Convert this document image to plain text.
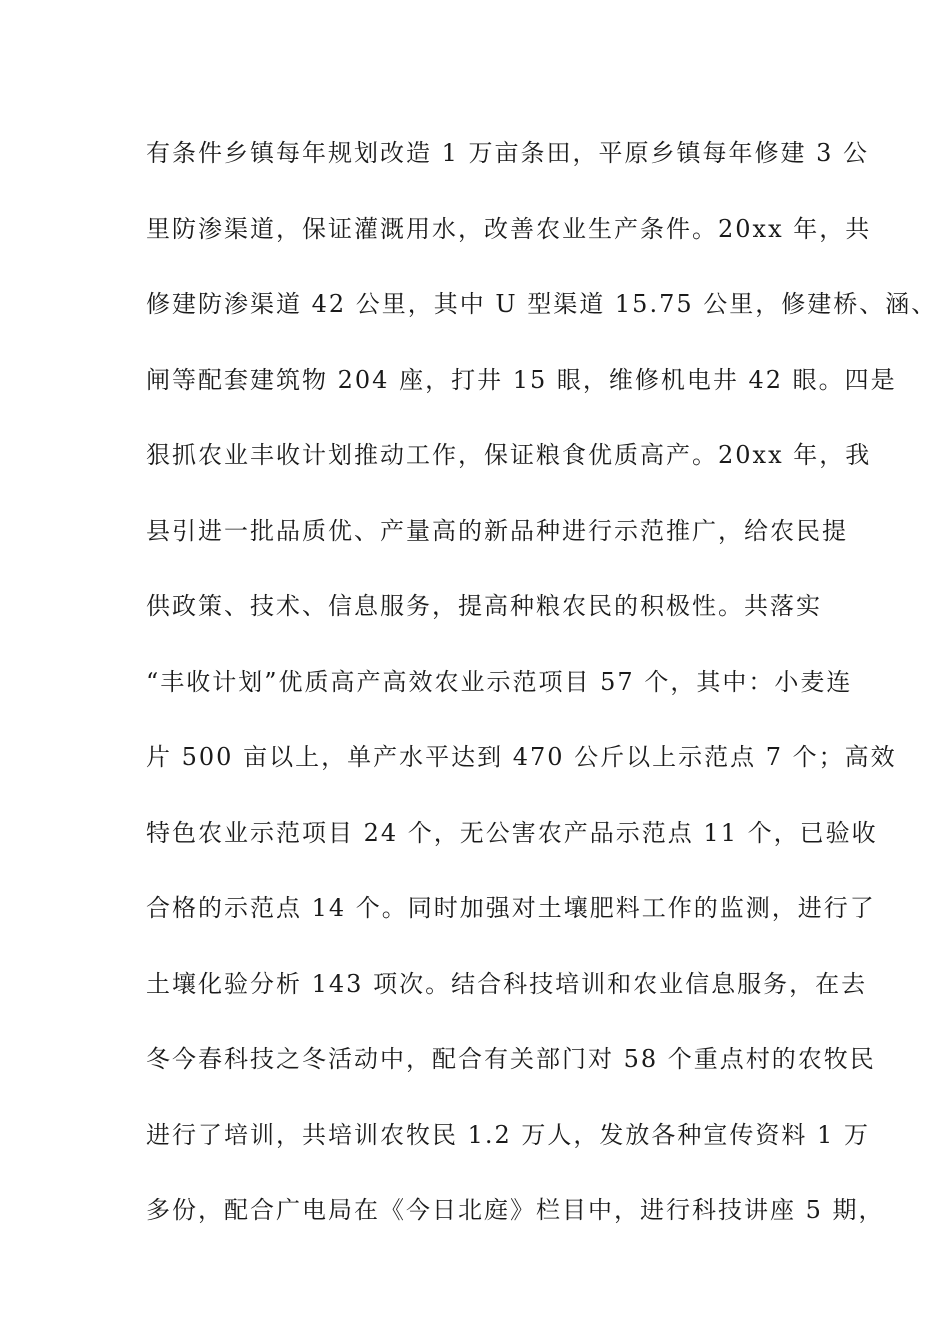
有条件乡镇每年规划改造 1 万亩条田，平原乡镇每年修建 3 公
里防渗渠道，保证灌溉用水，改善农业生产条件。20xx 年，共
修建防渗渠道 42 公里，其中 U 型渠道 15.75 公里，修建桥、涵、
闸等配套建筑物 204 座，打井 15 眼，维修机电井 42 眼。四是
狠抓农业丰收计划推动工作，保证粮食优质高产。20xx 年，我
县引进一批品质优、产量高的新品种进行示范推广，给农民提
供政策、技术、信息服务，提高种粮农民的积极性。共落实
“丰收计划”优质高产高效农业示范项目 57 个，其中：小麦连
片 500 亩以上，单产水平达到 470 公斤以上示范点 7 个；高效
特色农业示范项目 24 个，无公害农产品示范点 11 个，已验收
合格的示范点 14 个。同时加强对土壤肥料工作的监测，进行了
土壤化验分析 143 项次。结合科技培训和农业信息服务，在去
冬今春科技之冬活动中，配合有关部门对 58 个重点村的农牧民
进行了培训，共培训农牧民 1.2 万人，发放各种宣传资料 1 万
多份，配合广电局在《今日北庭》栏目中，进行科技讲座 5 期，
